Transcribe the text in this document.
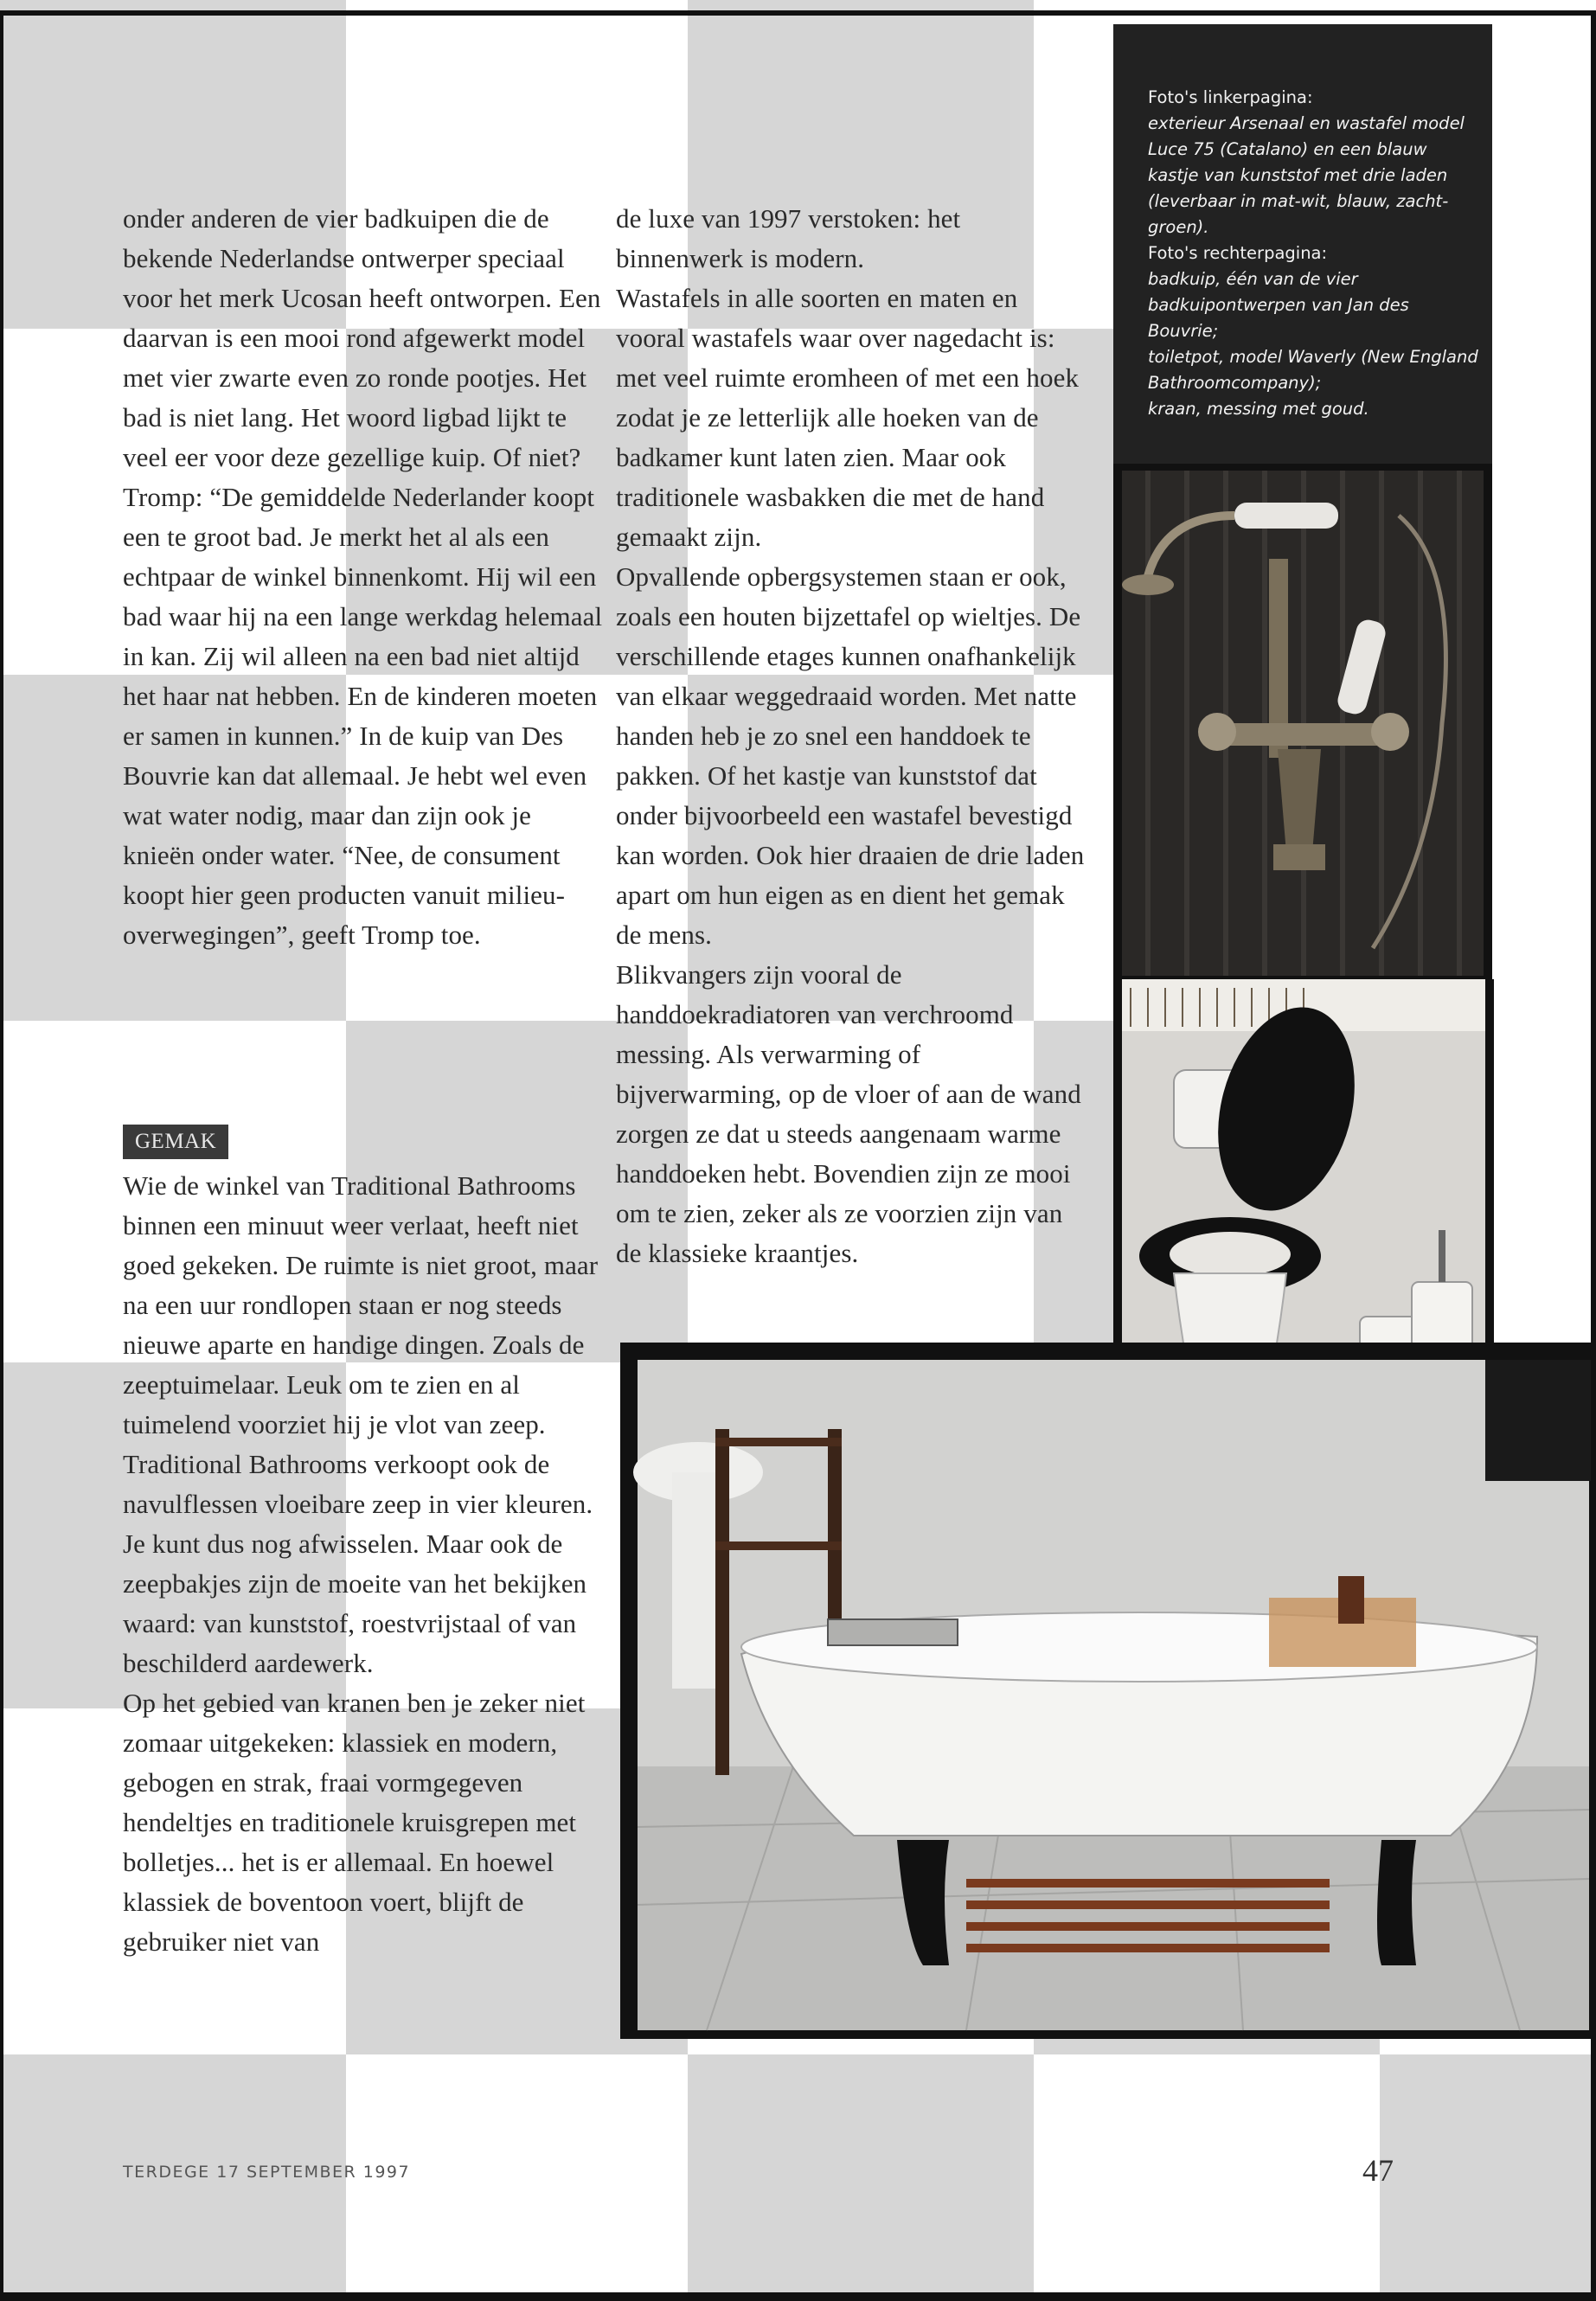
onder anderen de vier badkuipen die de bekende Nederlandse ontwerper speciaal voor het merk Ucosan heeft ontworpen. Een daarvan is een mooi rond afgewerkt model met vier zwarte even zo ronde pootjes. Het bad is niet lang. Het woord ligbad lijkt te veel eer voor deze gezellige kuip. Of niet? Tromp: “De gemiddelde Nederlander koopt een te groot bad. Je merkt het al als een echtpaar de winkel binnenkomt. Hij wil een bad waar hij na een lange werkdag helemaal in kan. Zij wil alleen na een bad niet altijd het haar nat hebben. En de kinderen moeten er samen in kunnen.” In de kuip van Des Bouvrie kan dat allemaal. Je hebt wel even wat water nodig, maar dan zijn ook je knieën onder water. “Nee, de consument koopt hier geen producten vanuit milieu-overwegingen”, geeft Tromp toe.

GEMAK

Wie de winkel van Traditional Bathrooms binnen een minuut weer verlaat, heeft niet goed gekeken. De ruimte is niet groot, maar na een uur rondlopen staan er nog steeds nieuwe aparte en handige dingen. Zoals de zeeptuimelaar. Leuk om te zien en al tuimelend voorziet hij je vlot van zeep. Traditional Bathrooms verkoopt ook de navulflessen vloeibare zeep in vier kleuren. Je kunt dus nog afwisselen. Maar ook de zeepbakjes zijn de moeite van het bekijken waard: van kunststof, roestvrijstaal of van beschilderd aardewerk.

Op het gebied van kranen ben je zeker niet zomaar uitgekeken: klassiek en modern, gebogen en strak, fraai vormgegeven hendeltjes en traditionele kruisgrepen met bolletjes... het is er allemaal. En hoewel klassiek de boventoon voert, blijft de gebruiker niet van

de luxe van 1997 verstoken: het binnenwerk is modern.

Wastafels in alle soorten en maten en vooral wastafels waar over nagedacht is: met veel ruimte eromheen of met een hoek zodat je ze letterlijk alle hoeken van de badkamer kunt laten zien. Maar ook traditionele wasbakken die met de hand gemaakt zijn.

Opvallende opbergsystemen staan er ook, zoals een houten bijzettafel op wieltjes. De verschillende etages kunnen onafhankelijk van elkaar weggedraaid worden. Met natte handen heb je zo snel een handdoek te pakken. Of het kastje van kunststof dat onder bijvoorbeeld een wastafel bevestigd kan worden. Ook hier draaien de drie laden apart om hun eigen as en dient het gemak de mens.

Blikvangers zijn vooral de handdoekradiatoren van verchroomd messing. Als verwarming of bijverwarming, op de vloer of aan de wand zorgen ze dat u steeds aangenaam warme handdoeken hebt. Bovendien zijn ze mooi om te zien, zeker als ze voorzien zijn van de klassieke kraantjes.

Foto's linkerpagina:
exterieur Arsenaal en wastafel model Luce 75 (Catalano) en een blauw kastje van kunststof met drie laden (leverbaar in mat-wit, blauw, zacht-groen).
Foto's rechterpagina:
badkuip, één van de vier badkuipontwerpen van Jan des Bouvrie;
toiletpot, model Waverly (New England Bathroomcompany);
kraan, messing met goud.
TERDEGE 17 SEPTEMBER 1997	47
